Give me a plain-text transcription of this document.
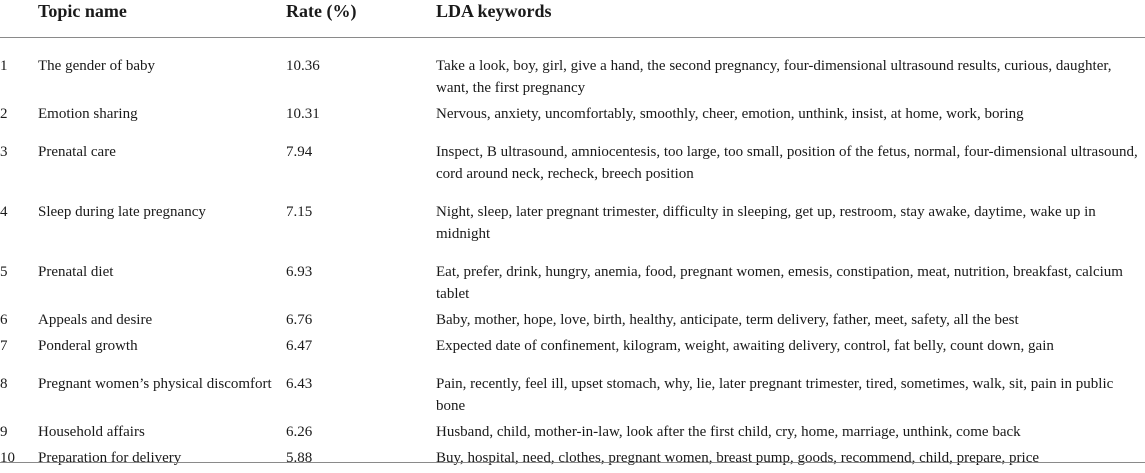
	Topic name	Rate (%)	LDA keywords
1	The gender of baby	10.36	Take a look, boy, girl, give a hand, the second pregnancy, four-dimensional ultrasound results, curious, daughter, want, the first pregnancy
2	Emotion sharing	10.31	Nervous, anxiety, uncomfortably, smoothly, cheer, emotion, unthink, insist, at home, work, boring
3	Prenatal care	7.94	Inspect, B ultrasound, amniocentesis, too large, too small, position of the fetus, normal, four-dimensional ultrasound, cord around neck, recheck, breech position
4	Sleep during late pregnancy	7.15	Night, sleep, later pregnant trimester, difficulty in sleeping, get up, restroom, stay awake, daytime, wake up in midnight
5	Prenatal diet	6.93	Eat, prefer, drink, hungry, anemia, food, pregnant women, emesis, constipation, meat, nutrition, breakfast, calcium tablet
6	Appeals and desire	6.76	Baby, mother, hope, love, birth, healthy, anticipate, term delivery, father, meet, safety, all the best
7	Ponderal growth	6.47	Expected date of confinement, kilogram, weight, awaiting delivery, control, fat belly, count down, gain
8	Pregnant women’s physical discomfort	6.43	Pain, recently, feel ill, upset stomach, why, lie, later pregnant trimester, tired, sometimes, walk, sit, pain in public bone
9	Household affairs	6.26	Husband, child, mother-in-law, look after the first child, cry, home, marriage, unthink, come back
10	Preparation for delivery	5.88	Buy, hospital, need, clothes, pregnant women, breast pump, goods, recommend, child, prepare, price
